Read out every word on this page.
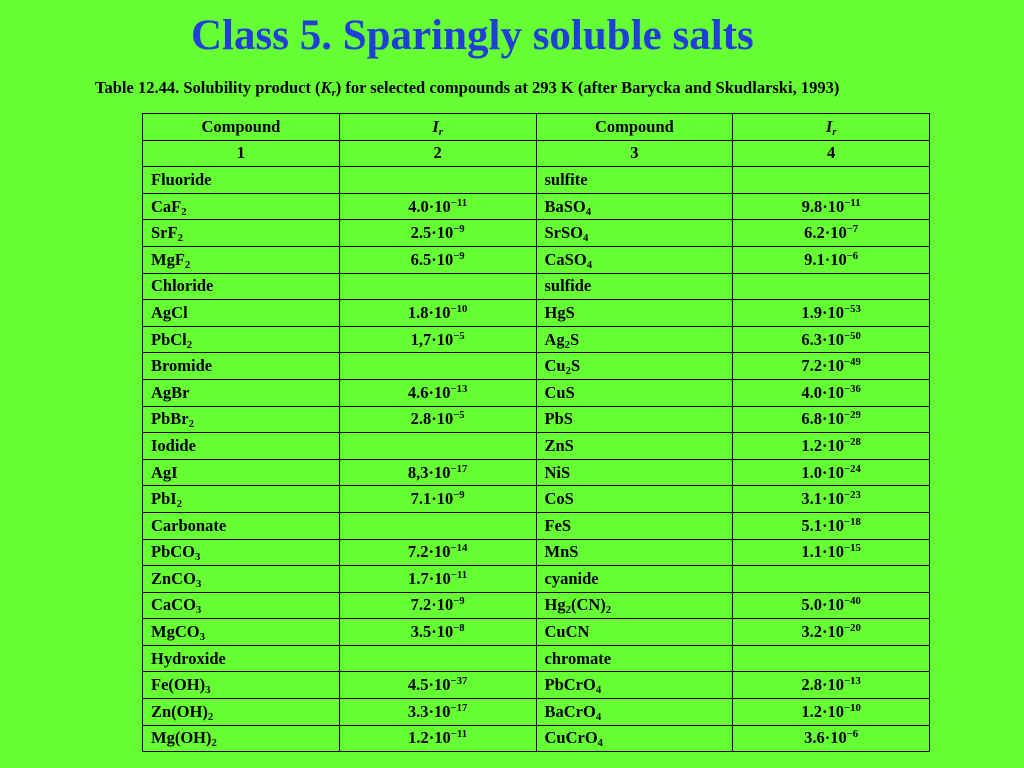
Class 5. Sparingly soluble salts
Table 12.44. Solubility product $(K_r)$ for selected compounds at 293 K (after Barycka and Skudlarski, 1993)
Compound	$I_r$	Compound	$I_r$
1	2	3	4
Fluoride		sulfite	
CaF$_2$	$4.0\cdot 10^{-11}$	BaSO$_4$	$9.8\cdot 10^{-11}$
SrF$_2$	$2.5\cdot 10^{-9}$	SrSO$_4$	$6.2\cdot 10^{-7}$
MgF$_2$	$6.5\cdot 10^{-9}$	CaSO$_4$	$9.1\cdot 10^{-6}$
Chloride		sulfide	
AgCl	$1.8\cdot 10^{-10}$	HgS	$1.9\cdot 10^{-53}$
PbCl$_2$	$1,7\cdot 10^{-5}$	$Ag_2S$	$6.3\cdot 10^{-50}$
Bromide		$Cu_2S$	$7.2\cdot 10^{-49}$
AgBr	$4.6\cdot 10^{-13}$	CuS	$4.0\cdot 10^{-36}$
PbBr$_2$	$2.8\cdot 10^{-5}$	PbS	$6.8\cdot 10^{-29}$
Iodide		ZnS	$1.2\cdot 10^{-28}$
AgI	$8,3\cdot 10^{-17}$	NiS	$1.0\cdot 10^{-24}$
PbI$_2$	$7.1\cdot 10^{-9}$	CoS	$3.1\cdot 10^{-23}$
Carbonate		FeS	$5.1\cdot 10^{-18}$
PbCO$_3$	$7.2\cdot 10^{-14}$	MnS	$1.1\cdot 10^{-15}$
ZnCO$_3$	$1.7\cdot 10^{-11}$	cyanide	
CaCO$_3$	$7.2\cdot 10^{-9}$	$Hg_2(CN)_2$	$5.0\cdot 10^{-40}$
MgCO$_3$	$3.5\cdot 10^{-8}$	CuCN	$3.2\cdot 10^{-20}$
Hydroxide		chromate	
$Fe(OH)_3$	$4.5\cdot 10^{-37}$	PbCrO$_4$	$2.8\cdot 10^{-13}$
$Zn(OH)_2$	$3.3\cdot 10^{-17}$	BaCrO$_4$	$1.2\cdot 10^{-10}$
$Mg(OH)_2$	$1.2\cdot 10^{-11}$	CuCrO$_4$	$3.6\cdot 10^{-6}$
